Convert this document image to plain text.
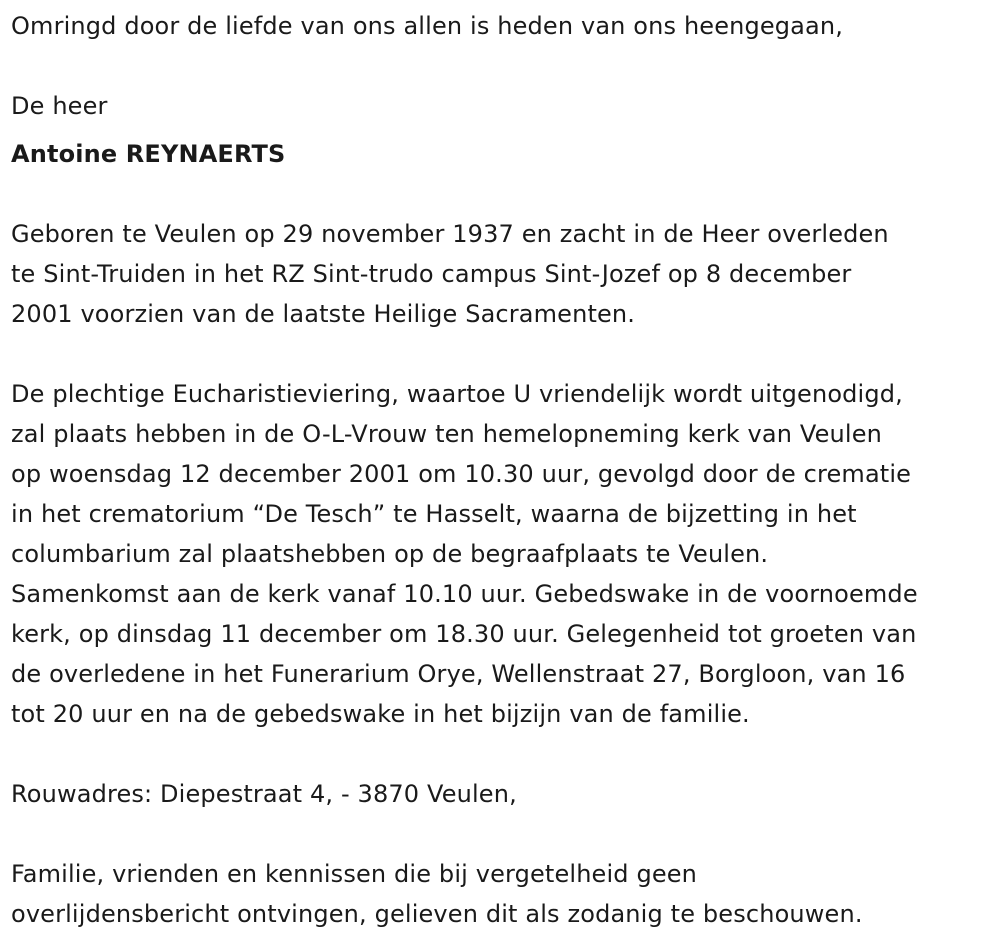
Omringd door de liefde van ons allen is heden van ons heengegaan,
De heer
Antoine REYNAERTS
Geboren te Veulen op 29 november 1937 en zacht in de Heer overleden
te Sint-Truiden in het RZ Sint-trudo campus Sint-Jozef op 8 december
2001 voorzien van de laatste Heilige Sacramenten.
De plechtige Eucharistieviering, waartoe U vriendelijk wordt uitgenodigd,
zal plaats hebben in de O-L-Vrouw ten hemelopneming kerk van Veulen
op woensdag 12 december 2001 om 10.30 uur, gevolgd door de crematie
in het crematorium “De Tesch” te Hasselt, waarna de bijzetting in het
columbarium zal plaatshebben op de begraafplaats te Veulen.
Samenkomst aan de kerk vanaf 10.10 uur. Gebedswake in de voornoemde
kerk, op dinsdag 11 december om 18.30 uur. Gelegenheid tot groeten van
de overledene in het Funerarium Orye, Wellenstraat 27, Borgloon, van 16
tot 20 uur en na de gebedswake in het bijzijn van de familie.
Rouwadres: Diepestraat 4, - 3870 Veulen,
Familie, vrienden en kennissen die bij vergetelheid geen
overlijdensbericht ontvingen, gelieven dit als zodanig te beschouwen.
